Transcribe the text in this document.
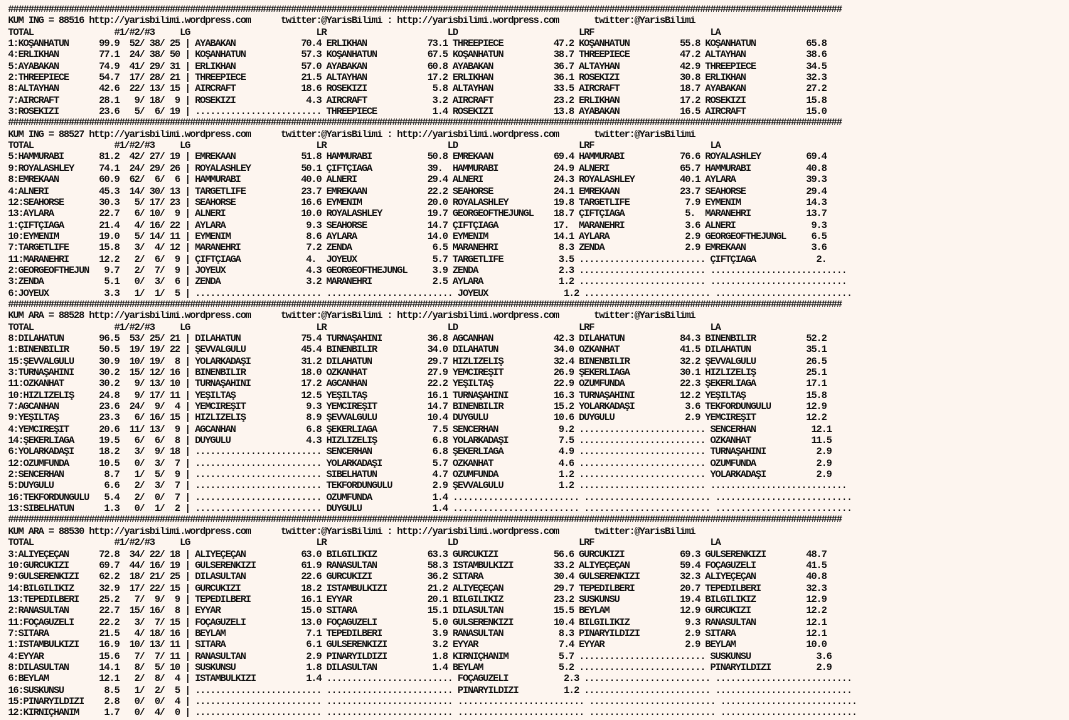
#####################################################################################################################################################################
KUM ING = 88516 http://yarisbilimi.wordpress.com      twitter:@YarisBilimi : http://yarisbilimi.wordpress.com       twitter:@YarisBilimi
TOTAL                #1/#2/#3     LG                         LR                        LD                        LRF                       LA
1:KOŞANHATUN      99.9  52/ 38/ 25 | AYABAKAN             70.4 ERLİKHAN            73.1 THREEPIECE          47.2 KOŞANHATUN          55.8 KOŞANHATUN          65.8
4:ERLİKHAN        77.1  24/ 38/ 50 | KOŞANHATUN           57.3 KOŞANHATUN          67.5 KOŞANHATUN          38.7 THREEPIECE          47.2 ALTAYHAN            38.6
5:AYABAKAN        74.9  41/ 29/ 31 | ERLİKHAN             57.0 AYABAKAN            60.8 AYABAKAN            36.7 ALTAYHAN            42.9 THREEPIECE          34.5
2:THREEPIECE      54.7  17/ 28/ 21 | THREEPIECE           21.5 ALTAYHAN            17.2 ERLİKHAN            36.1 ROSEKIZI            30.8 ERLİKHAN            32.3
8:ALTAYHAN        42.6  22/ 13/ 15 | AIRCRAFT             18.6 ROSEKIZI             5.8 ALTAYHAN            33.5 AIRCRAFT            18.7 AYABAKAN            27.2
7:AIRCRAFT        28.1   9/ 18/  9 | ROSEKIZI              4.3 AIRCRAFT             3.2 AIRCRAFT            23.2 ERLİKHAN            17.2 ROSEKIZI            15.8
3:ROSEKIZI        23.6   5/  6/ 19 | ......................... THREEPIECE           1.4 ROSEKIZI            13.8 AYABAKAN            16.5 AIRCRAFT            15.0
#####################################################################################################################################################################
KUM ING = 88527 http://yarisbilimi.wordpress.com      twitter:@YarisBilimi : http://yarisbilimi.wordpress.com       twitter:@YarisBilimi
TOTAL                #1/#2/#3     LG                         LR                        LD                        LRF                       LA
5:HAMMURABİ       81.2  42/ 27/ 19 | EMREKAAN             51.8 HAMMURABİ           50.8 EMREKAAN            69.4 HAMMURABİ           76.6 ROYALASHLEY         69.4
9:ROYALASHLEY     74.1  24/ 29/ 26 | ROYALASHLEY          50.1 ÇİFTÇİAĞA           39.  HAMMURABİ           24.9 ALNERİ              65.7 HAMMURABİ           40.8
8:EMREKAAN        60.9  62/  6/  6 | HAMMURABİ            40.0 ALNERİ              29.4 ALNERİ              24.3 ROYALASHLEY         40.1 AYLARA              39.3
4:ALNERİ          45.3  14/ 30/ 13 | TARGETLIFE           23.7 EMREKAAN            22.2 SEAHORSE            24.1 EMREKAAN            23.7 SEAHORSE            29.4
12:SEAHORSE       30.3   5/ 17/ 23 | SEAHORSE             16.6 EYMENİM             20.0 ROYALASHLEY         19.8 TARGETLIFE           7.9 EYMENİM             14.3
13:AYLARA         22.7   6/ 10/  9 | ALNERİ               10.0 ROYALASHLEY         19.7 GEORGEOFTHEJUNGL    18.7 ÇİFTÇİAĞA            5.  MARANEHRİ           13.7
1:ÇİFTÇİAĞA       21.4   4/ 16/ 22 | AYLARA                9.3 SEAHORSE            14.7 ÇİFTÇİAĞA           17.  MARANEHRİ            3.6 ALNERİ               9.3
10:EYMENİM        19.0   5/ 14/ 11 | EYMENİM               8.6 AYLARA              14.0 EYMENİM             14.1 AYLARA               2.9 GEORGEOFTHEJUNGL     6.5
7:TARGETLIFE      15.8   3/  4/ 12 | MARANEHRİ             7.2 ZENDA                6.5 MARANEHRİ            8.3 ZENDA                2.9 EMREKAAN             3.6
11:MARANEHRİ      12.2   2/  6/  9 | ÇİFTÇİAĞA             4.  JOYEUX               5.7 TARGETLIFE           3.5 ......................... ÇİFTÇİAĞA            2.
2:GEORGEOFTHEJUN   9.7   2/  7/  9 | JOYEUX                4.3 GEORGEOFTHEJUNGL     3.9 ZENDA                2.3 ......................... ...........................
3:ZENDA            5.1   0/  3/  6 | ZENDA                 3.2 MARANEHRİ            2.5 AYLARA               1.2 ......................... ...........................
6:JOYEUX           3.3   1/  1/  5 | ......................... ......................... JOYEUX               1.2 ......................... ...........................
#####################################################################################################################################################################
KUM ARA = 88528 http://yarisbilimi.wordpress.com      twitter:@YarisBilimi : http://yarisbilimi.wordpress.com       twitter:@YarisBilimi
TOTAL                #1/#2/#3     LG                         LR                        LD                        LRF                       LA
8:DİLAHATUN       96.5  53/ 25/ 21 | DİLAHATUN            75.4 TURNAŞAHİNİ         36.8 AĞCANHAN            42.3 DİLAHATUN           84.3 BİNENBİLİR          52.2
1:BİNENBİLİR      50.5  19/ 19/ 22 | ŞEVVALGÜLÜ           45.4 BİNENBİLİR          34.0 DİLAHATUN           34.0 ÖZKANHAT            41.5 DİLAHATUN           35.1
15:ŞEVVALGÜLÜ     30.9  10/ 19/  8 | YOLARKADAŞI          31.2 DİLAHATUN           29.7 HIZLIZELİŞ          32.4 BİNENBİLİR          32.2 ŞEVVALGÜLÜ          26.5
3:TURNAŞAHİNİ     30.2  15/ 12/ 16 | BİNENBİLİR           18.0 ÖZKANHAT            27.9 YEMCİREŞİT          26.9 ŞEKERLİAĞA          30.1 HIZLIZELİŞ          25.1
11:ÖZKANHAT       30.2   9/ 13/ 10 | TURNAŞAHİNİ          17.2 AĞCANHAN            22.2 YEŞİLTAŞ            22.9 ÖZÜMFUNDA           22.3 ŞEKERLİAĞA          17.1
10:HIZLIZELİŞ     24.8   9/ 17/ 11 | YEŞİLTAŞ             12.5 YEŞİLTAŞ            16.1 TURNAŞAHİNİ         16.3 TURNAŞAHİNİ         12.2 YEŞİLTAŞ            15.8
7:AĞCANHAN        23.6  24/  9/  4 | YEMCİREŞİT            9.3 YEMCİREŞİT          14.7 BİNENBİLİR          15.2 YOLARKADAŞI          3.6 TEKFORDUNGÜLÜ       12.9
9:YEŞİLTAŞ        23.3   6/ 16/ 15 | HIZLIZELİŞ            8.9 ŞEVVALGÜLÜ          10.4 DUYGULU             10.6 DUYGULU              2.9 YEMCİREŞİT          12.2
4:YEMCİREŞİT      20.6  11/ 13/  9 | AĞCANHAN              6.8 ŞEKERLİAĞA           7.5 SENCERHAN            9.2 ......................... SENCERHAN           12.1
14:ŞEKERLİAĞA     19.5   6/  6/  8 | DUYGULU               4.3 HIZLIZELİŞ           6.8 YOLARKADAŞI          7.5 ......................... ÖZKANHAT            11.5
6:YOLARKADAŞI     18.2   3/  9/ 18 | ......................... SENCERHAN            6.8 ŞEKERLİAĞA           4.9 ......................... TURNAŞAHİNİ          2.9
12:ÖZÜMFUNDA      10.5   0/  3/  7 | ......................... YOLARKADAŞI          5.7 ÖZKANHAT             4.6 ......................... ÖZÜMFUNDA            2.9
2:SENCERHAN        8.7   1/  5/  9 | ......................... SİBELHATUN           4.7 ÖZÜMFUNDA            1.2 ......................... YOLARKADAŞI          2.9
5:DUYGULU          6.6   2/  3/  7 | ......................... TEKFORDUNGÜLÜ        2.9 ŞEVVALGÜLÜ           1.2 ......................... ...........................
16:TEKFORDUNGÜLÜ   5.4   2/  0/  7 | ......................... ÖZÜMFUNDA            1.4 ......................... ......................... ...........................
13:SİBELHATUN      1.3   0/  1/  2 | ......................... DUYGULU              1.4 ......................... ......................... ...........................
#####################################################################################################################################################################
KUM ARA = 88530 http://yarisbilimi.wordpress.com      twitter:@YarisBilimi : http://yarisbilimi.wordpress.com       twitter:@YarisBilimi
TOTAL                #1/#2/#3     LG                         LR                        LD                        LRF                       LA
3:ALİYEÇEÇAN      72.8  34/ 22/ 18 | ALİYEÇEÇAN           63.0 BİLGİLİKIZ          63.3 GÜRCÜKIZI           56.6 GÜRCÜKIZI           69.3 GÜLSERENKIZI        48.7
10:GÜRCÜKIZI      69.7  44/ 16/ 19 | GÜLSERENKIZI         61.9 RANASULTAN          58.3 İSTAMBULKIZI        33.2 ALİYEÇEÇAN          59.4 FOÇAGÜZELİ          41.5
9:GÜLSERENKIZI    62.2  18/ 21/ 25 | DİLASULTAN           22.6 GÜRCÜKIZI           36.2 SİTARA              30.4 GÜLSERENKIZI        32.3 ALİYEÇEÇAN          40.8
14:BİLGİLİKIZ     32.9  17/ 22/ 15 | GÜRCÜKIZI            18.2 İSTAMBULKIZI        21.2 ALİYEÇEÇAN          29.7 TEPEDİLBERİ         20.7 TEPEDİLBERİ         32.3
13:TEPEDİLBERİ    25.2   7/  9/  9 | TEPEDİLBERİ          16.1 EYYAR               20.1 BİLGİLİKIZ          23.2 SUSKUNSU            19.4 BİLGİLİKIZ          12.9
2:RANASULTAN      22.7  15/ 16/  8 | EYYAR                15.0 SİTARA              15.1 DİLASULTAN          15.5 BEYLAM              12.9 GÜRCÜKIZI           12.2
11:FOÇAGÜZELİ     22.2   3/  7/ 15 | FOÇAGÜZELİ           13.0 FOÇAGÜZELİ           5.0 GÜLSERENKIZI        10.4 BİLGİLİKIZ           9.3 RANASULTAN          12.1
7:SİTARA          21.5   4/ 18/ 16 | BEYLAM                7.1 TEPEDİLBERİ          3.9 RANASULTAN           8.3 PINARYILDIZI         2.9 SİTARA              12.1
1:İSTAMBULKIZI    16.9  10/ 13/ 11 | SİTARA                6.1 GÜLSERENKIZI         3.2 EYYAR                7.4 EYYAR                2.9 BEYLAM              10.0
4:EYYAR           15.6   7/  7/ 11 | RANASULTAN            2.9 PINARYILDIZI         1.8 KIRNIÇHANIM          5.7 ......................... SUSKUNSU             3.6
8:DİLASULTAN      14.1   8/  5/ 10 | SUSKUNSU              1.8 DİLASULTAN           1.4 BEYLAM               5.2 ......................... PINARYILDIZI         2.9
6:BEYLAM          12.1   2/  8/  4 | İSTAMBULKIZI          1.4 ......................... FOÇAGÜZELİ           2.3 ......................... ...........................
16:SUSKUNSU        8.5   1/  2/  5 | ......................... ......................... PINARYILDIZI         1.2 ......................... ...........................
15:PINARYILDIZI    2.8   0/  0/  4 | ......................... ......................... ......................... ......................... ...........................
12:KIRNIÇHANIM     1.7   0/  4/  0 | ......................... ......................... ......................... ......................... ...........................
